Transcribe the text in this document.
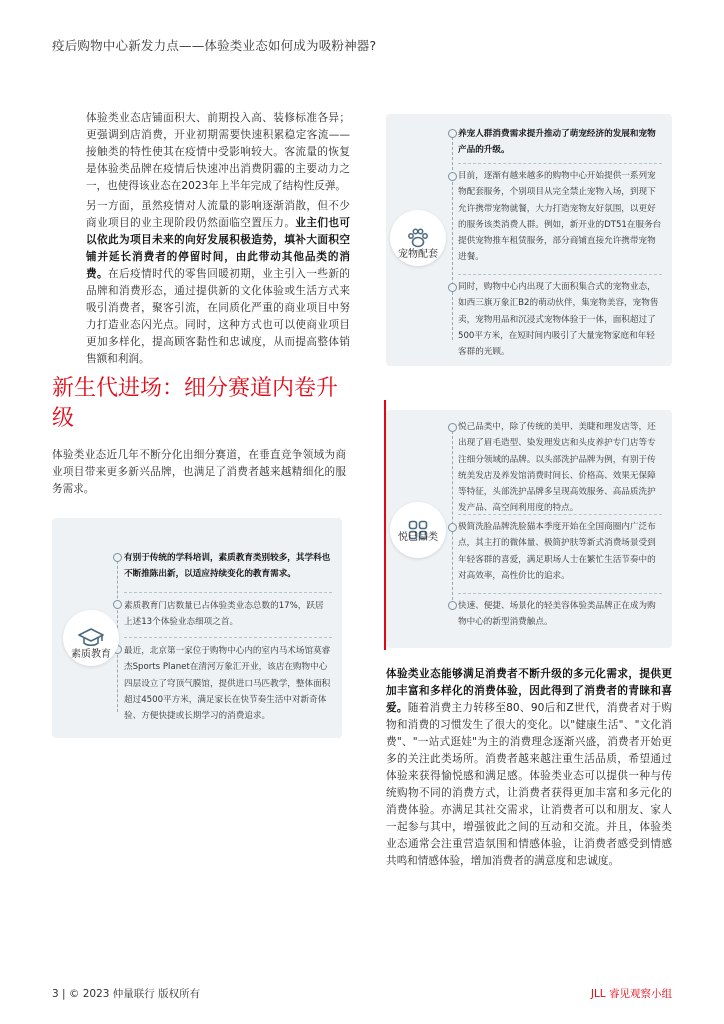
疫后购物中心新发力点——体验类业态如何成为吸粉神器?
体验类业态店铺面积大、前期投入高、装修标准各异；更强调到店消费，开业初期需要快速积累稳定客流——接触类的特性使其在疫情中受影响较大。客流量的恢复是体验类品牌在疫情后快速冲出消费阴霾的主要动力之一，也使得该业态在2023年上半年完成了结构性反弹。
另一方面，虽然疫情对人流量的影响逐渐消散，但不少商业项目的业主现阶段仍然面临空置压力。业主们也可以依此为项目未来的向好发展积极造势，填补大面积空铺并延长消费者的停留时间，由此带动其他品类的消费。在后疫情时代的零售回暖初期，业主引入一些新的品牌和消费形态，通过提供新的文化体验或生活方式来吸引消费者，聚客引流，在同质化严重的商业项目中努力打造业态闪光点。同时，这种方式也可以使商业项目更加多样化，提高顾客黏性和忠诚度，从而提高整体销售额和利润。
新生代进场：细分赛道内卷升级
体验类业态近几年不断分化出细分赛道，在垂直竞争领域为商业项目带来更多新兴品牌，也满足了消费者越来越精细化的服务需求。
有别于传统的学科培训，素质教育类别较多，其学科也不断推陈出新，以适应持续变化的教育需求。
素质教育门店数量已占体验类业态总数的17%，跃居上述13个体验业态细项之首。
最近，北京第一家位于购物中心内的室内马术场馆莫睿杰Sports Planet在清河万象汇开业，该店在购物中心四层设立了穹顶气膜馆，提供进口马匹教学，整体面积超过4500平方米，满足家长在快节奏生活中对新奇体验、方便快捷或长期学习的消费追求。
素质教育
养宠人群消费需求提升推动了萌宠经济的发展和宠物产品的升级。
目前，逐渐有越来越多的购物中心开始提供一系列宠物配套服务，个别项目从完全禁止宠物入场，到现下允许携带宠物就餐，大力打造宠物友好氛围，以更好的服务该类消费人群。例如，新开业的DT51在服务台提供宠物推车租赁服务，部分商铺直接允许携带宠物进餐。
同时，购物中心内出现了大面积集合式的宠物业态，如西三旗万象汇B2的萌动伙伴，集宠物美容，宠物售卖，宠物用品和沉浸式宠物体验于一体，面积超过了500平方米，在短时间内吸引了大量宠物家庭和年轻客群的光顾。
宠物配套
悦己品类中，除了传统的美甲、美睫和理发店等，还出现了眉毛造型、染发理发店和头皮养护专门店等专注细分领域的品牌。以头部洗护品牌为例，有别于传统美发店及养发馆消费时间长、价格高、效果无保障等特征，头部洗护品牌多呈现高效服务、高品质洗护发产品、高空间利用度的特点。
极简洗脸品牌洗脸猫本季度开始在全国商圈内广泛布点，其主打的微体量、极简护肤等新式消费场景受到年轻客群的喜爱，满足职场人士在繁忙生活节奏中的对高效率，高性价比的追求。
快速、便捷、场景化的轻美容体验类品牌正在成为购物中心的新型消费触点。
悦己品类
体验类业态能够满足消费者不断升级的多元化需求，提供更加丰富和多样化的消费体验，因此得到了消费者的青睐和喜爱。随着消费主力转移至80、90后和Z世代，消费者对于购物和消费的习惯发生了很大的变化。以"健康生活"、"文化消费"、"一站式逛娃"为主的消费理念逐渐兴盛，消费者开始更多的关注此类场所。消费者越来越注重生活品质，希望通过体验来获得愉悦感和满足感。体验类业态可以提供一种与传统购物不同的消费方式，让消费者获得更加丰富和多元化的消费体验。亦满足其社交需求，让消费者可以和朋友、家人一起参与其中，增强彼此之间的互动和交流。并且，体验类业态通常会注重营造氛围和情感体验，让消费者感受到情感共鸣和情感体验，增加消费者的满意度和忠诚度。
3 | © 2023 仲量联行 版权所有	JLL 睿见观察小组
